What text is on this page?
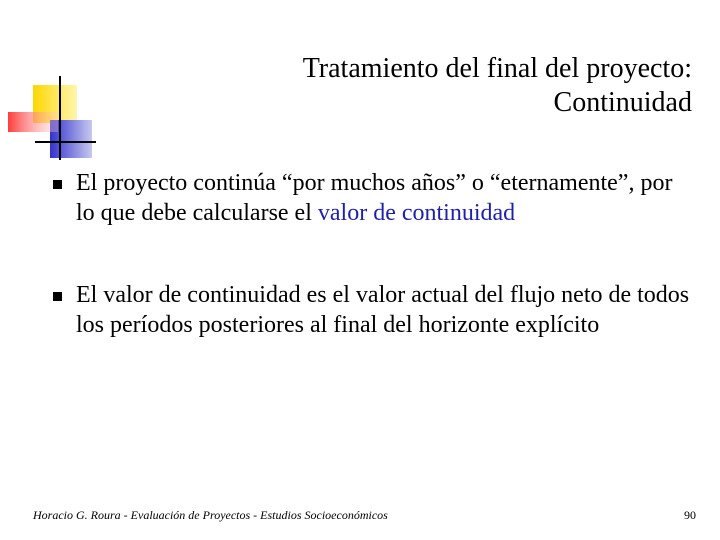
Tratamiento del final del proyecto:
Continuidad
El proyecto continúa “por muchos años” o “eternamente”, por lo que debe calcularse el valor de continuidad
El valor de continuidad es el valor actual del flujo neto de todos los períodos posteriores al final del horizonte explícito
Horacio G. Roura - Evaluación de Proyectos - Estudios Socioeconómicos	90
